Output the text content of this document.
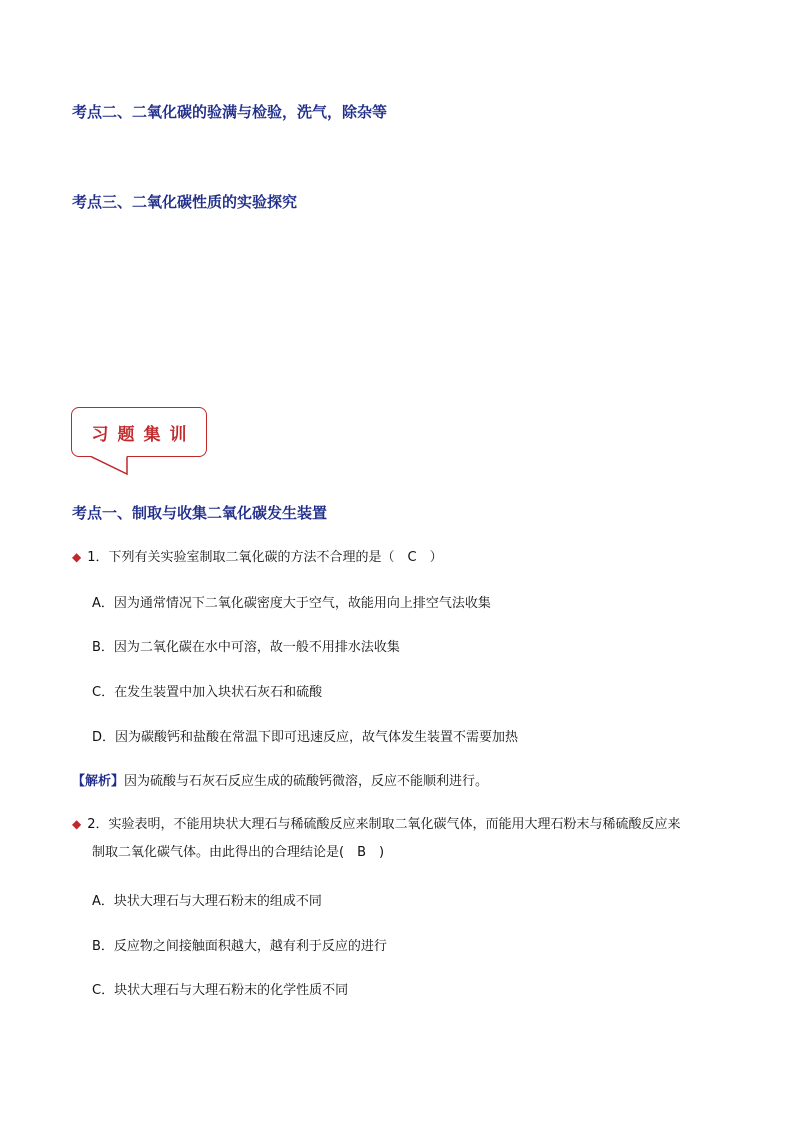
考点二、二氧化碳的验满与检验，洗气，除杂等
考点三、二氧化碳性质的实验探究
习题集训
考点一、制取与收集二氧化碳发生装置
◆ 1．下列有关实验室制取二氧化碳的方法不合理的是（　C　）
A．因为通常情况下二氧化碳密度大于空气，故能用向上排空气法收集
B．因为二氧化碳在水中可溶，故一般不用排水法收集
C．在发生装置中加入块状石灰石和硫酸
D．因为碳酸钙和盐酸在常温下即可迅速反应，故气体发生装置不需要加热
【解析】因为硫酸与石灰石反应生成的硫酸钙微溶，反应不能顺利进行。
◆ 2．实验表明，不能用块状大理石与稀硫酸反应来制取二氧化碳气体，而能用大理石粉末与稀硫酸反应来
制取二氧化碳气体。由此得出的合理结论是(　B　)
A．块状大理石与大理石粉末的组成不同
B．反应物之间接触面积越大，越有利于反应的进行
C．块状大理石与大理石粉末的化学性质不同
